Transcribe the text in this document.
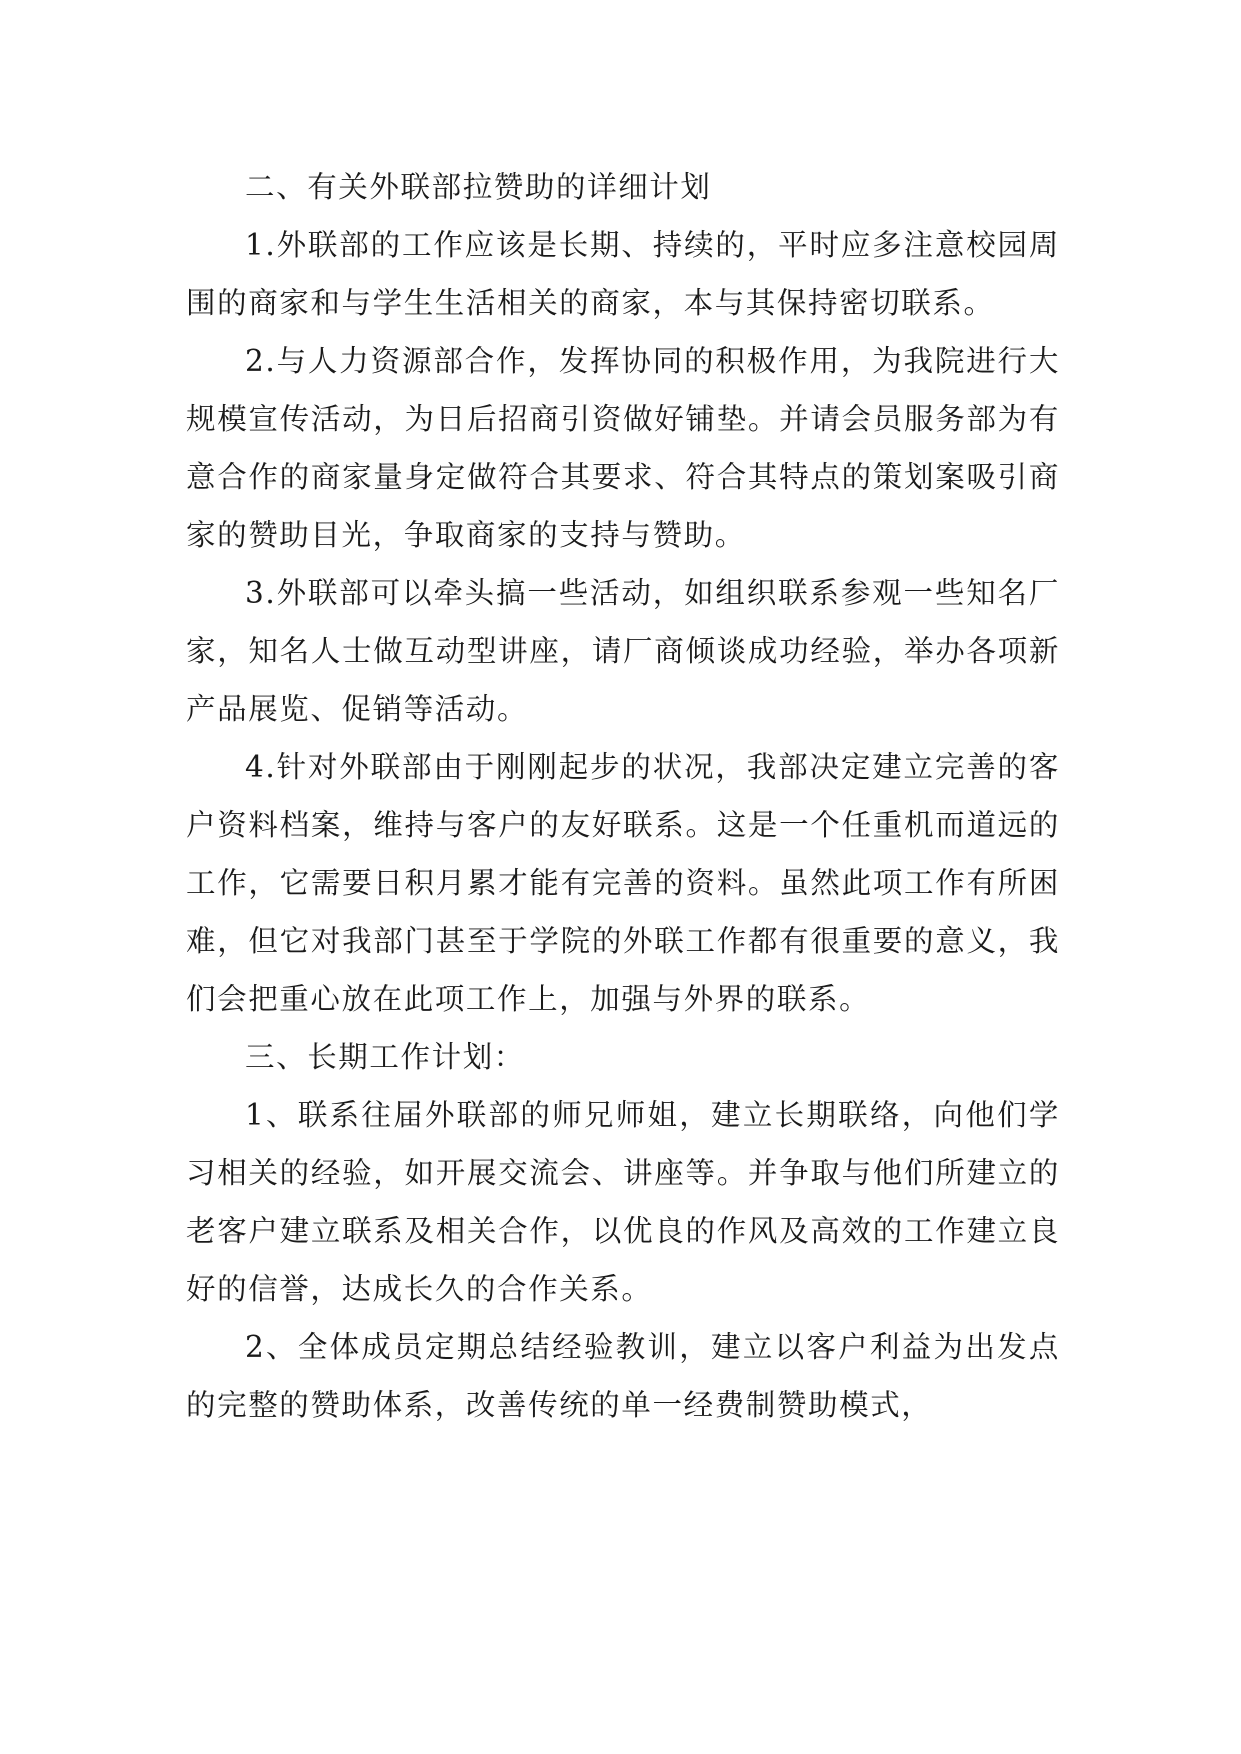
二、有关外联部拉赞助的详细计划

1.外联部的工作应该是长期、持续的，平时应多注意校园周围的商家和与学生生活相关的商家，本与其保持密切联系。

2.与人力资源部合作，发挥协同的积极作用，为我院进行大规模宣传活动，为日后招商引资做好铺垫。并请会员服务部为有意合作的商家量身定做符合其要求、符合其特点的策划案吸引商家的赞助目光，争取商家的支持与赞助。

3.外联部可以牵头搞一些活动，如组织联系参观一些知名厂家，知名人士做互动型讲座，请厂商倾谈成功经验，举办各项新产品展览、促销等活动。

4.针对外联部由于刚刚起步的状况，我部决定建立完善的客户资料档案，维持与客户的友好联系。这是一个任重机而道远的工作，它需要日积月累才能有完善的资料。虽然此项工作有所困难，但它对我部门甚至于学院的外联工作都有很重要的意义，我们会把重心放在此项工作上，加强与外界的联系。

三、长期工作计划：

1、联系往届外联部的师兄师姐，建立长期联络，向他们学习相关的经验，如开展交流会、讲座等。并争取与他们所建立的老客户建立联系及相关合作，以优良的作风及高效的工作建立良好的信誉，达成长久的合作关系。

2、全体成员定期总结经验教训，建立以客户利益为出发点的完整的赞助体系，改善传统的单一经费制赞助模式，
